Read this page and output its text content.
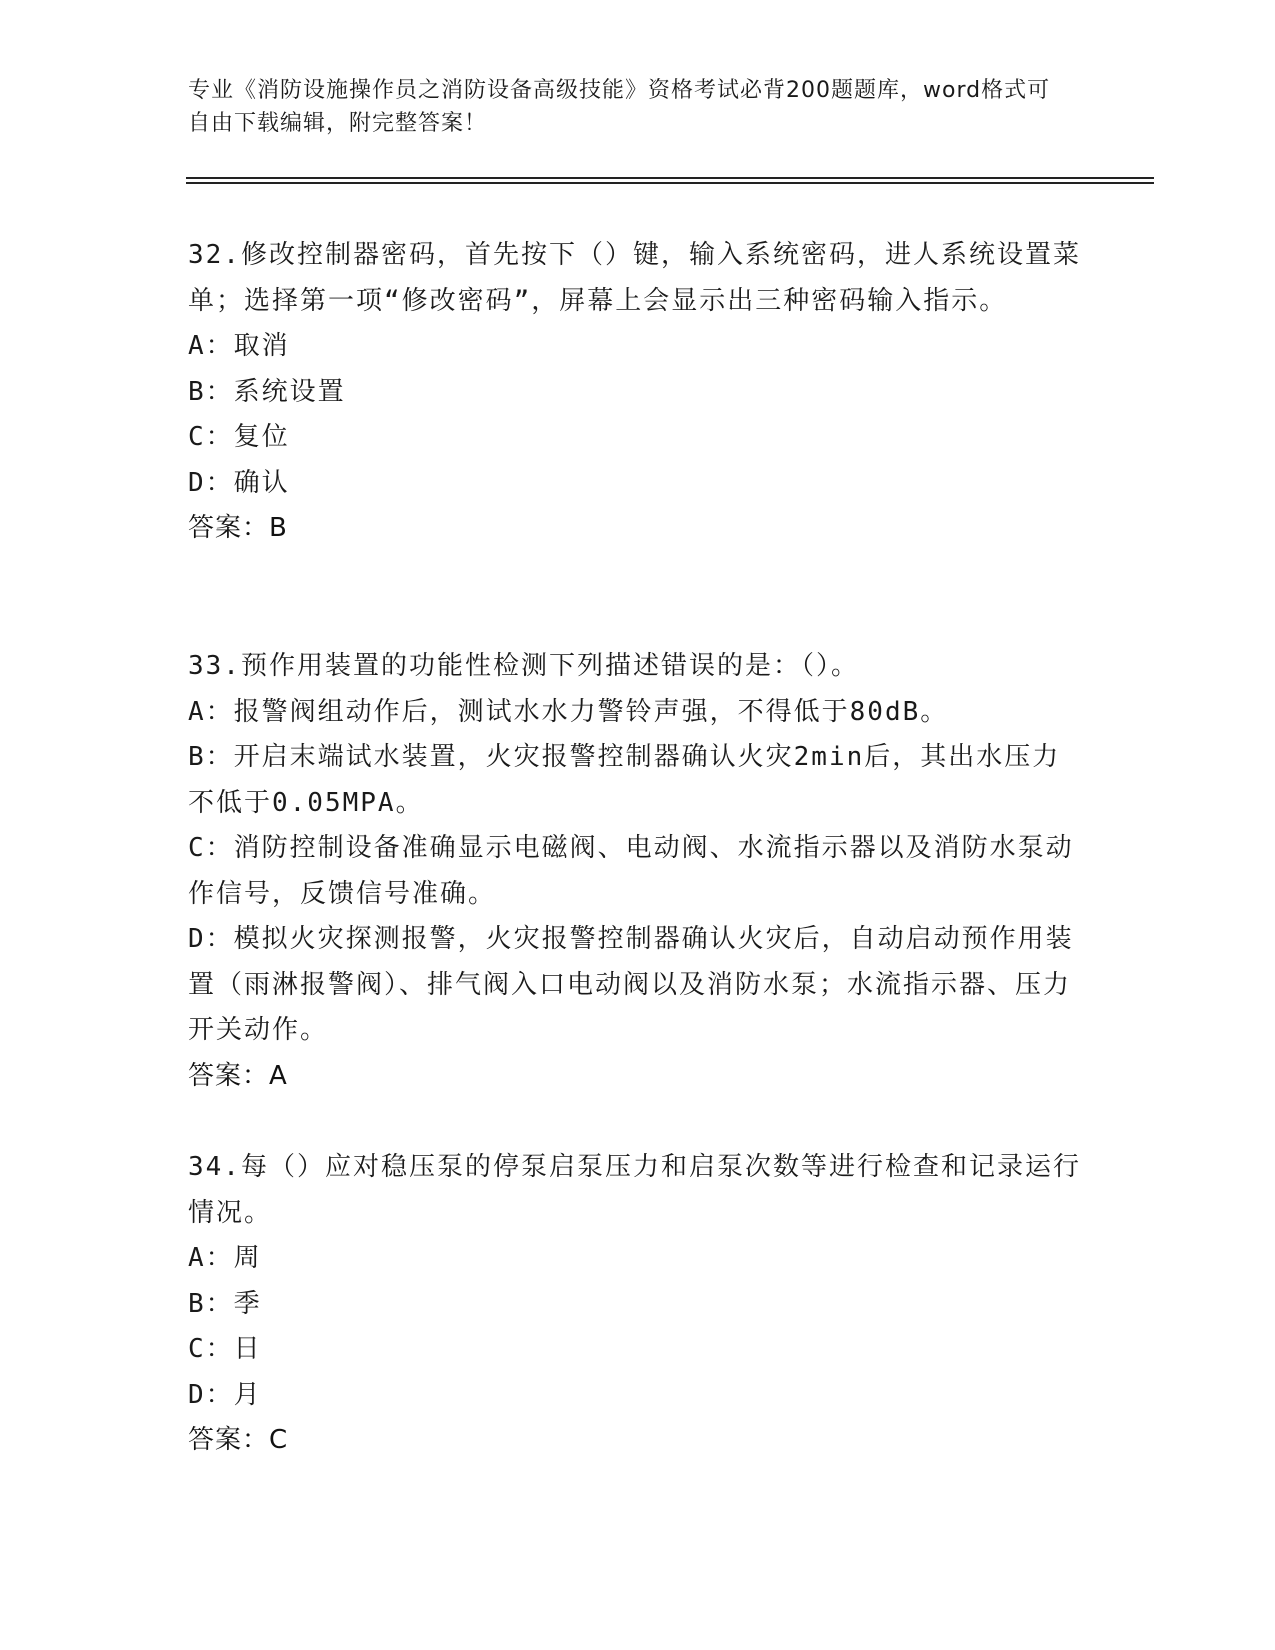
专业《消防设施操作员之消防设备高级技能》资格考试必背200题题库，word格式可自由下载编辑，附完整答案！

32.修改控制器密码，首先按下（）键，输入系统密码，进人系统设置菜单；选择第一项“修改密码”，屏幕上会显示出三种密码输入指示。

A：取消

B：系统设置

C：复位

D：确认

答案：B

33.预作用装置的功能性检测下列描述错误的是：（）。

A：报警阀组动作后，测试水水力警铃声强，不得低于80dB。

B：开启末端试水装置，火灾报警控制器确认火灾2min后，其出水压力不低于0.05MPA。

C：消防控制设备准确显示电磁阀、电动阀、水流指示器以及消防水泵动作信号，反馈信号准确。

D：模拟火灾探测报警，火灾报警控制器确认火灾后，自动启动预作用装置（雨淋报警阀）、排气阀入口电动阀以及消防水泵；水流指示器、压力开关动作。

答案：A

34.每（）应对稳压泵的停泵启泵压力和启泵次数等进行检查和记录运行情况。

A：周

B：季

C：日

D：月

答案：C
